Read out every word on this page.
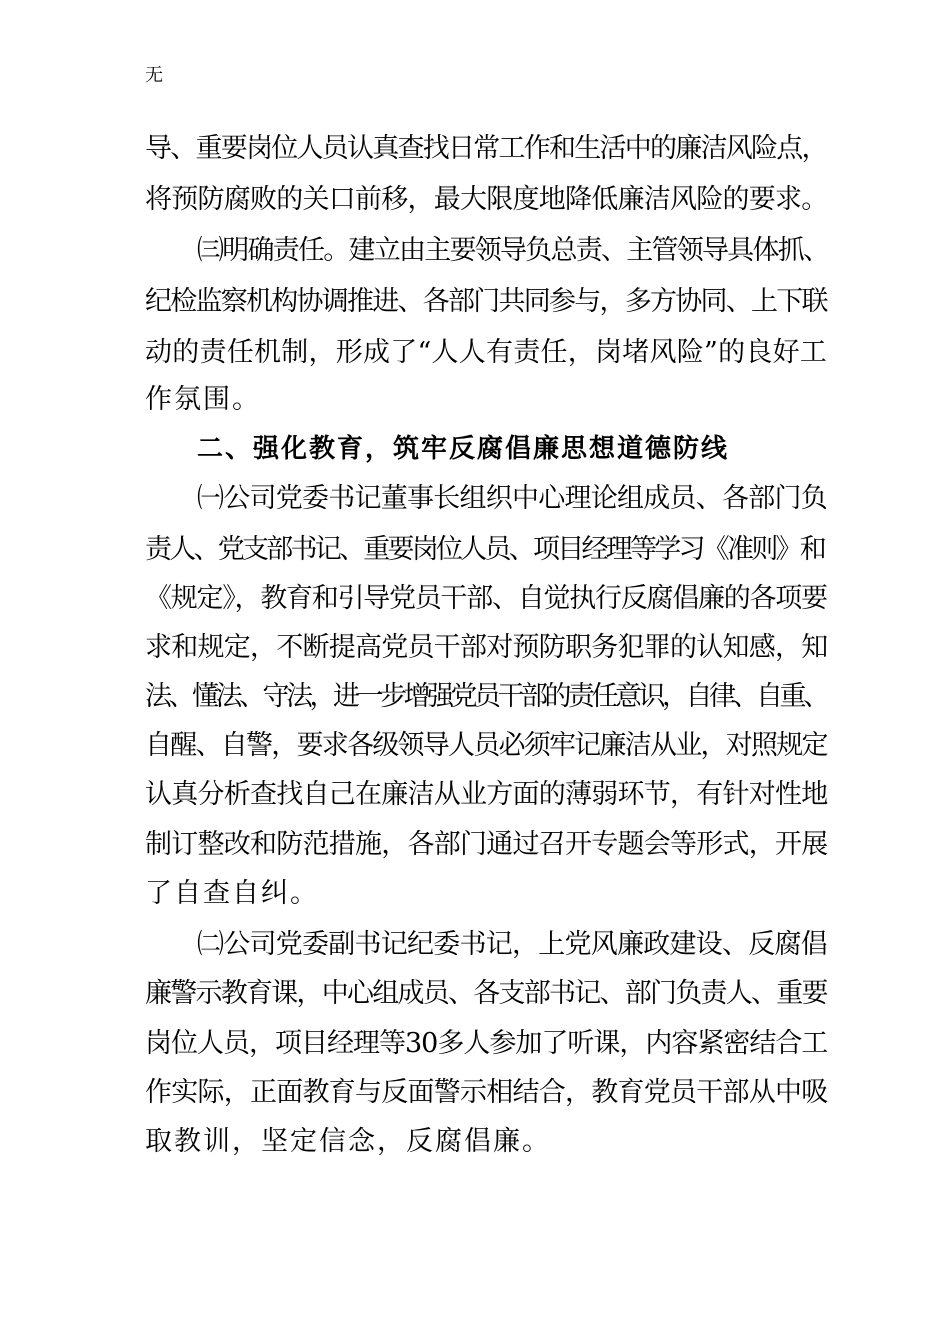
无

导、重要岗位人员认真查找日常工作和生活中的廉洁风险点，

将预防腐败的关口前移，最大限度地降低廉洁风险的要求。

㈢明确责任。建立由主要领导负总责、主管领导具体抓、

纪检监察机构协调推进、各部门共同参与，多方协同、上下联

动的责任机制，形成了“人人有责任，岗堵风险”的良好工

作氛围。

二、强化教育，筑牢反腐倡廉思想道德防线

㈠公司党委书记董事长组织中心理论组成员、各部门负

责人、党支部书记、重要岗位人员、项目经理等学习《准则》和

《规定》，教育和引导党员干部、自觉执行反腐倡廉的各项要

求和规定，不断提高党员干部对预防职务犯罪的认知感，知

法、懂法、守法，进一步增强党员干部的责任意识，自律、自重、

自醒、自警，要求各级领导人员必须牢记廉洁从业，对照规定

认真分析查找自己在廉洁从业方面的薄弱环节，有针对性地

制订整改和防范措施，各部门通过召开专题会等形式，开展

了自查自纠。

㈡公司党委副书记纪委书记，上党风廉政建设、反腐倡

廉警示教育课，中心组成员、各支部书记、部门负责人、重要

岗位人员，项目经理等30多人参加了听课，内容紧密结合工

作实际，正面教育与反面警示相结合，教育党员干部从中吸

取教训，坚定信念，反腐倡廉。
